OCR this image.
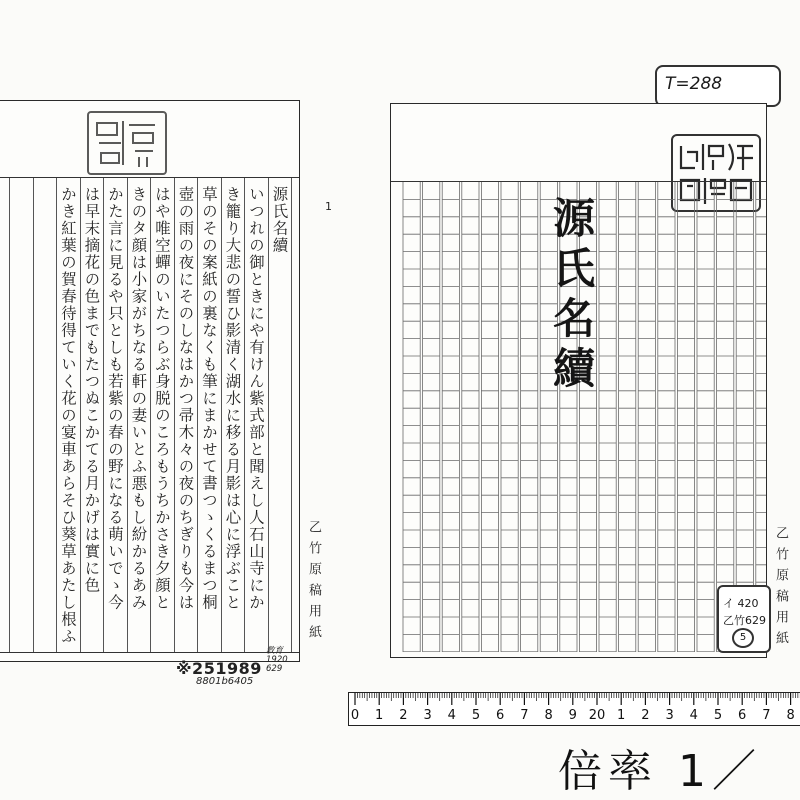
源氏名續
いつれの御ときにや有けん紫式部と聞えし人石山寺にか
き籠り大悲の誓ひ影清く湖水に移る月影は心に浮ぶこと
草のその案紙の裏なくも筆にまかせて書つゝくるまつ桐
壺の雨の夜にそのしなはかつ帚木々の夜のちぎりも今は
はや唯空蟬のいたつらぶ身脱のころもうちかさき夕顔と
きのタ顔は小家がちなる軒の妻いとふ悪もし紛かるあみ
かた言に見るや只としも若紫の春の野になる萌いでゝ今
は早末摘花の色までもたつぬこかてる月かげは實に色
かき紅葉の賀春待得ていく花の宴車あらそひ葵草あたし根ふ	乙竹原稿用紙
1
※251989
8801b6405
教育 1920 629
T=288
源氏名續
乙竹原稿用紙
イ 420
乙竹629
5
0 1 2 3 4 5 6 7 8 9 20 1 2 3 4 5 6 7 8
倍率 1／
